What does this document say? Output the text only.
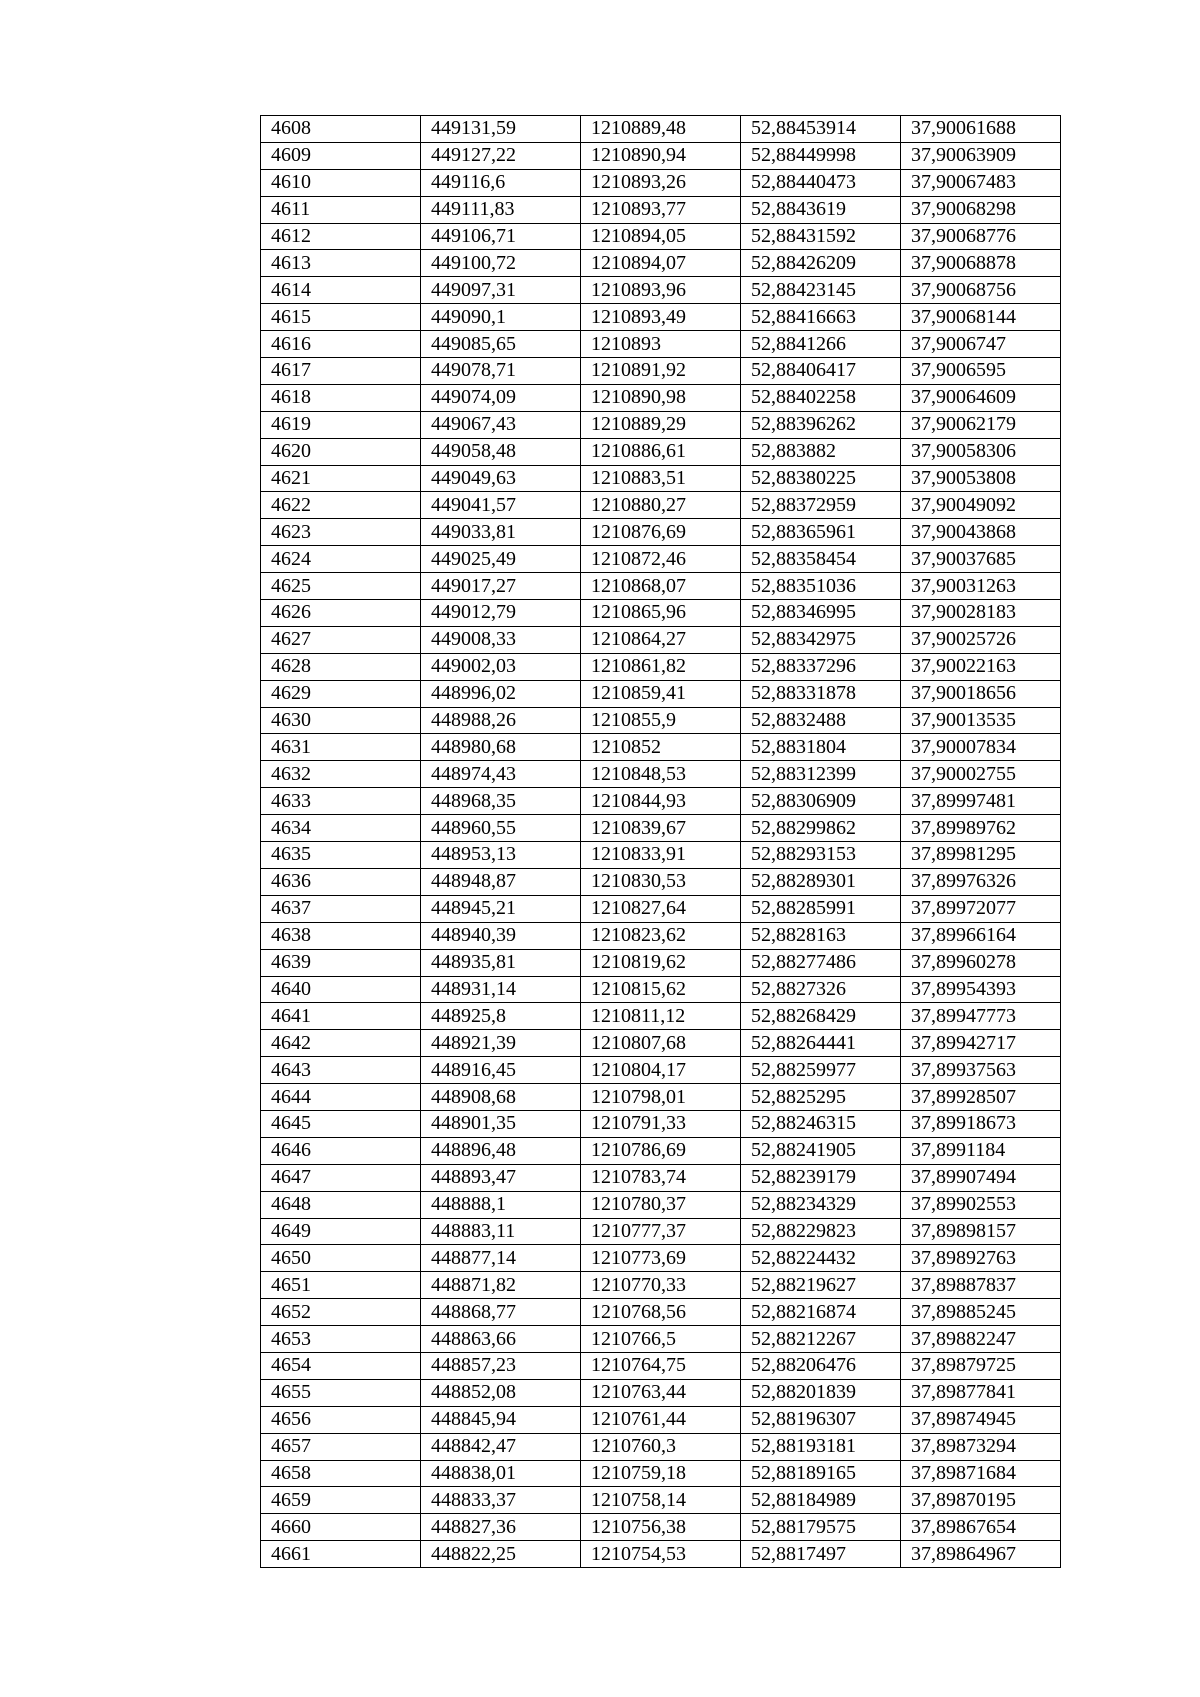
4608	449131,59	1210889,48	52,88453914	37,90061688
4609	449127,22	1210890,94	52,88449998	37,90063909
4610	449116,6	1210893,26	52,88440473	37,90067483
4611	449111,83	1210893,77	52,8843619	37,90068298
4612	449106,71	1210894,05	52,88431592	37,90068776
4613	449100,72	1210894,07	52,88426209	37,90068878
4614	449097,31	1210893,96	52,88423145	37,90068756
4615	449090,1	1210893,49	52,88416663	37,90068144
4616	449085,65	1210893	52,8841266	37,9006747
4617	449078,71	1210891,92	52,88406417	37,9006595
4618	449074,09	1210890,98	52,88402258	37,90064609
4619	449067,43	1210889,29	52,88396262	37,90062179
4620	449058,48	1210886,61	52,883882	37,90058306
4621	449049,63	1210883,51	52,88380225	37,90053808
4622	449041,57	1210880,27	52,88372959	37,90049092
4623	449033,81	1210876,69	52,88365961	37,90043868
4624	449025,49	1210872,46	52,88358454	37,90037685
4625	449017,27	1210868,07	52,88351036	37,90031263
4626	449012,79	1210865,96	52,88346995	37,90028183
4627	449008,33	1210864,27	52,88342975	37,90025726
4628	449002,03	1210861,82	52,88337296	37,90022163
4629	448996,02	1210859,41	52,88331878	37,90018656
4630	448988,26	1210855,9	52,8832488	37,90013535
4631	448980,68	1210852	52,8831804	37,90007834
4632	448974,43	1210848,53	52,88312399	37,90002755
4633	448968,35	1210844,93	52,88306909	37,89997481
4634	448960,55	1210839,67	52,88299862	37,89989762
4635	448953,13	1210833,91	52,88293153	37,89981295
4636	448948,87	1210830,53	52,88289301	37,89976326
4637	448945,21	1210827,64	52,88285991	37,89972077
4638	448940,39	1210823,62	52,8828163	37,89966164
4639	448935,81	1210819,62	52,88277486	37,89960278
4640	448931,14	1210815,62	52,8827326	37,89954393
4641	448925,8	1210811,12	52,88268429	37,89947773
4642	448921,39	1210807,68	52,88264441	37,89942717
4643	448916,45	1210804,17	52,88259977	37,89937563
4644	448908,68	1210798,01	52,8825295	37,89928507
4645	448901,35	1210791,33	52,88246315	37,89918673
4646	448896,48	1210786,69	52,88241905	37,8991184
4647	448893,47	1210783,74	52,88239179	37,89907494
4648	448888,1	1210780,37	52,88234329	37,89902553
4649	448883,11	1210777,37	52,88229823	37,89898157
4650	448877,14	1210773,69	52,88224432	37,89892763
4651	448871,82	1210770,33	52,88219627	37,89887837
4652	448868,77	1210768,56	52,88216874	37,89885245
4653	448863,66	1210766,5	52,88212267	37,89882247
4654	448857,23	1210764,75	52,88206476	37,89879725
4655	448852,08	1210763,44	52,88201839	37,89877841
4656	448845,94	1210761,44	52,88196307	37,89874945
4657	448842,47	1210760,3	52,88193181	37,89873294
4658	448838,01	1210759,18	52,88189165	37,89871684
4659	448833,37	1210758,14	52,88184989	37,89870195
4660	448827,36	1210756,38	52,88179575	37,89867654
4661	448822,25	1210754,53	52,8817497	37,89864967
